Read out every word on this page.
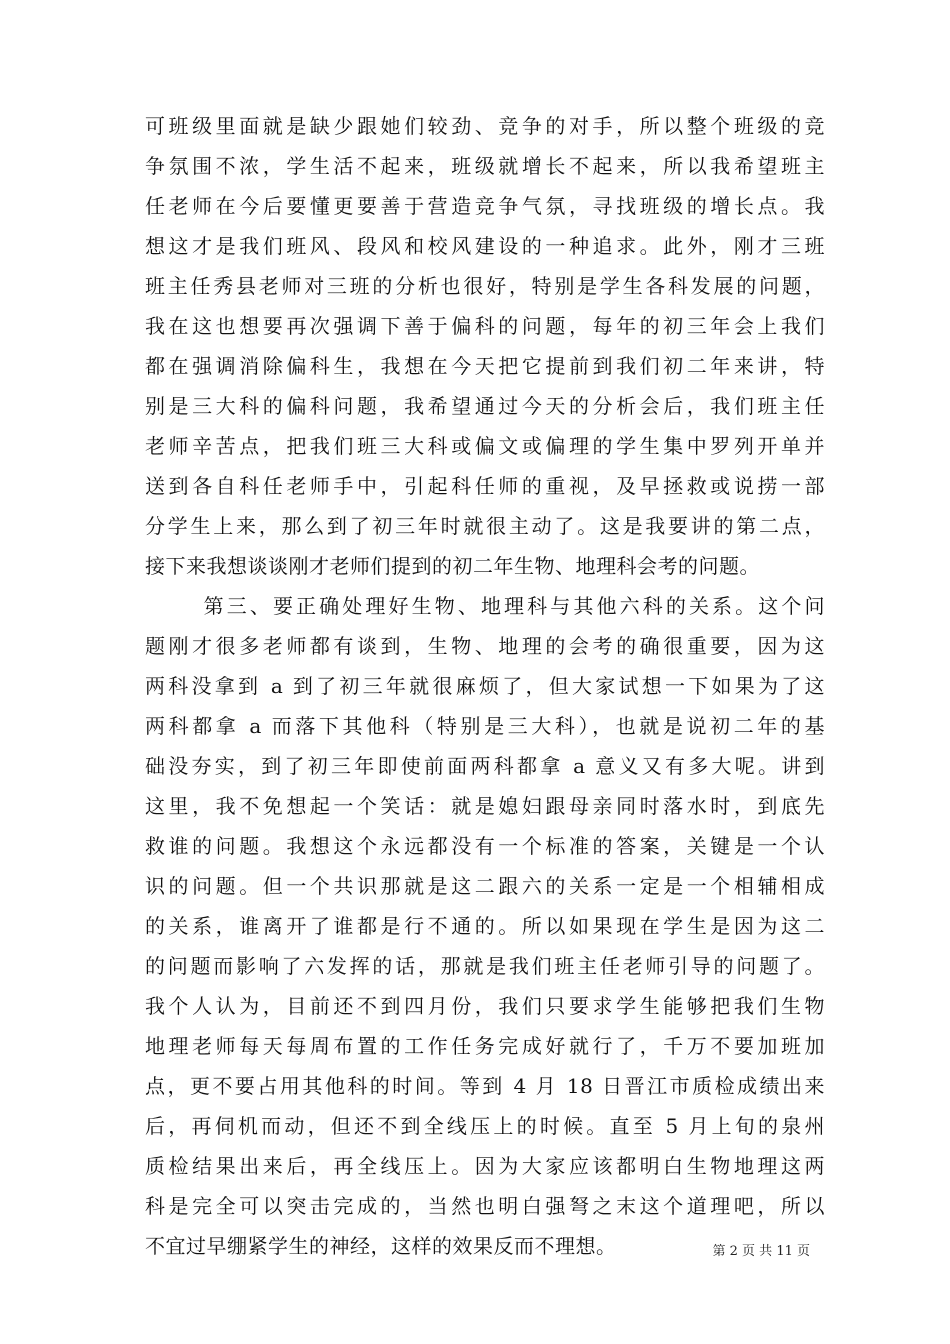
可班级里面就是缺少跟她们较劲、竞争的对手，所以整个班级的竞
争氛围不浓，学生活不起来，班级就增长不起来，所以我希望班主
任老师在今后要懂更要善于营造竞争气氛，寻找班级的增长点。我
想这才是我们班风、段风和校风建设的一种追求。此外，刚才三班
班主任秀县老师对三班的分析也很好，特别是学生各科发展的问题，
我在这也想要再次强调下善于偏科的问题，每年的初三年会上我们
都在强调消除偏科生，我想在今天把它提前到我们初二年来讲，特
别是三大科的偏科问题，我希望通过今天的分析会后，我们班主任
老师辛苦点，把我们班三大科或偏文或偏理的学生集中罗列开单并
送到各自科任老师手中，引起科任师的重视，及早拯救或说捞一部
分学生上来，那么到了初三年时就很主动了。这是我要讲的第二点，
接下来我想谈谈刚才老师们提到的初二年生物、地理科会考的问题。
第三、要正确处理好生物、地理科与其他六科的关系。这个问
题刚才很多老师都有谈到，生物、地理的会考的确很重要，因为这
两科没拿到 a 到了初三年就很麻烦了，但大家试想一下如果为了这
两科都拿 a 而落下其他科（特别是三大科），也就是说初二年的基
础没夯实，到了初三年即使前面两科都拿 a 意义又有多大呢。讲到
这里，我不免想起一个笑话：就是媳妇跟母亲同时落水时，到底先
救谁的问题。我想这个永远都没有一个标准的答案，关键是一个认
识的问题。但一个共识那就是这二跟六的关系一定是一个相辅相成
的关系，谁离开了谁都是行不通的。所以如果现在学生是因为这二
的问题而影响了六发挥的话，那就是我们班主任老师引导的问题了。
我个人认为，目前还不到四月份，我们只要求学生能够把我们生物
地理老师每天每周布置的工作任务完成好就行了，千万不要加班加
点，更不要占用其他科的时间。等到 4 月 18 日晋江市质检成绩出来
后，再伺机而动，但还不到全线压上的时候。直至 5 月上旬的泉州
质检结果出来后，再全线压上。因为大家应该都明白生物地理这两
科是完全可以突击完成的，当然也明白强弩之末这个道理吧，所以
不宜过早绷紧学生的神经，这样的效果反而不理想。	第 2 页 共 11 页
